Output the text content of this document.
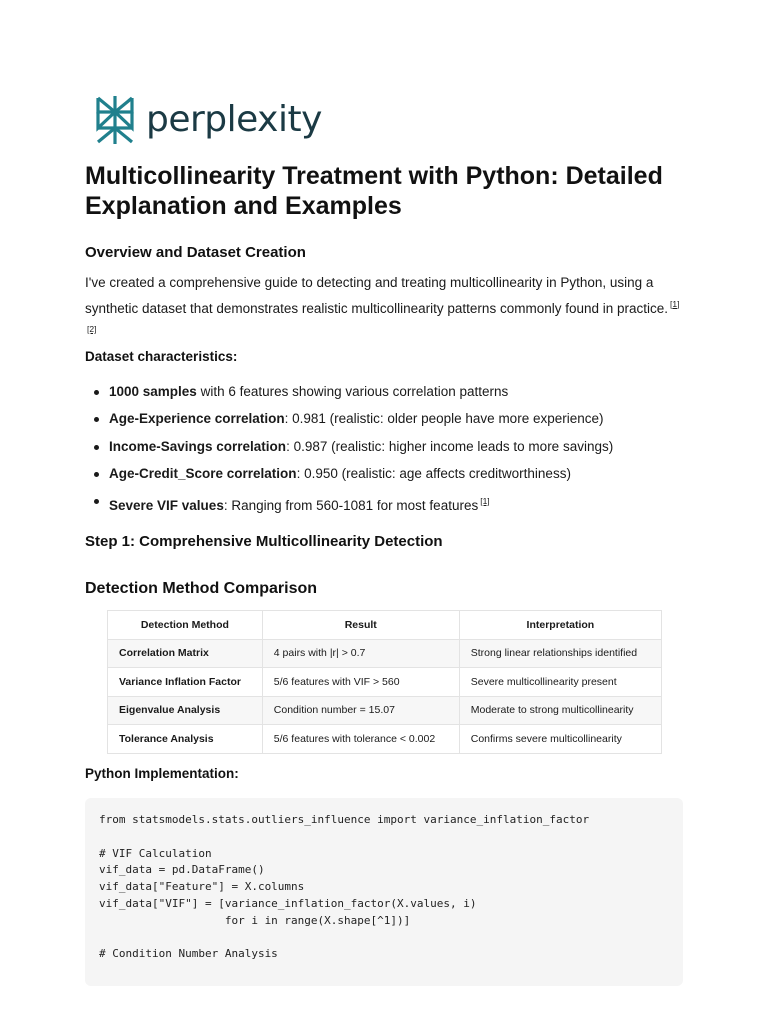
perplexity
Multicollinearity Treatment with Python: Detailed Explanation and Examples
Overview and Dataset Creation

I've created a comprehensive guide to detecting and treating multicollinearity in Python, using a synthetic dataset that demonstrates realistic multicollinearity patterns commonly found in practice. [1][2]

Dataset characteristics:

1000 samples with 6 features showing various correlation patterns
Age-Experience correlation: 0.981 (realistic: older people have more experience)
Income-Savings correlation: 0.987 (realistic: higher income leads to more savings)
Age-Credit_Score correlation: 0.950 (realistic: age affects creditworthiness)
Severe VIF values: Ranging from 560-1081 for most features [1]
Step 1: Comprehensive Multicollinearity Detection
Detection Method Comparison
Detection Method	Result	Interpretation
Correlation Matrix	4 pairs with |r| > 0.7	Strong linear relationships identified
Variance Inflation Factor	5/6 features with VIF > 560	Severe multicollinearity present
Eigenvalue Analysis	Condition number = 15.07	Moderate to strong multicollinearity
Tolerance Analysis	5/6 features with tolerance < 0.002	Confirms severe multicollinearity

Python Implementation:

from statsmodels.stats.outliers_influence import variance_inflation_factor

# VIF Calculation
vif_data = pd.DataFrame()
vif_data["Feature"] = X.columns
vif_data["VIF"] = [variance_inflation_factor(X.values, i)
for i in range(X.shape[^1])]

# Condition Number Analysis
